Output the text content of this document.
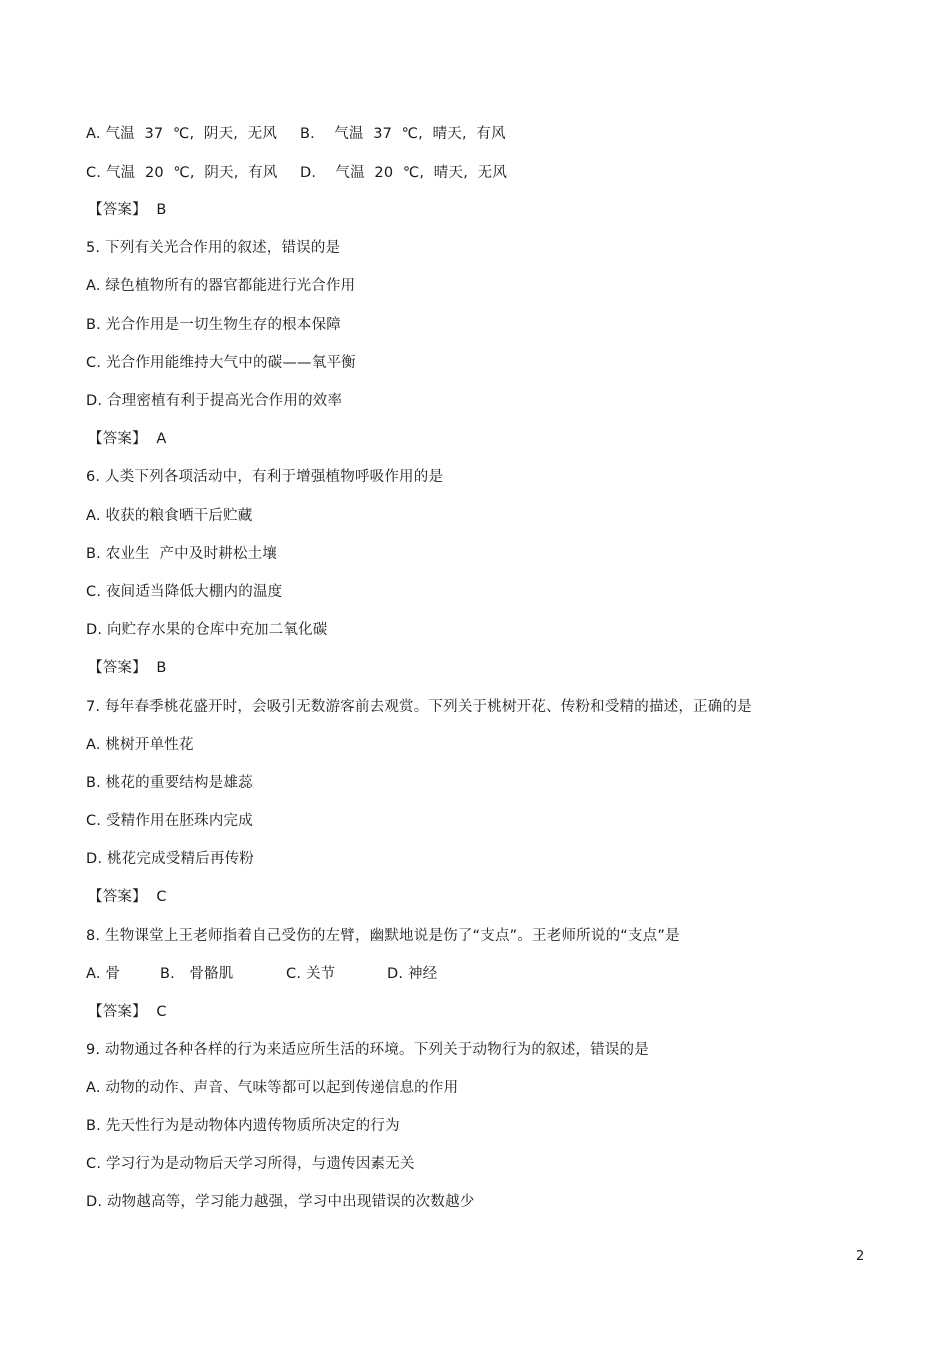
A. 气温  37  ℃,  阴天,  无风 B.    气温  37  ℃,  晴天,  有风
C. 气温  20  ℃,  阴天,  有风 D.    气温  20  ℃,  晴天,  无风
【答案】  B
5. 下列有关光合作用的叙述，错误的是
A. 绿色植物所有的器官都能进行光合作用
B. 光合作用是一切生物生存的根本保障
C. 光合作用能维持大气中的碳——氧平衡
D. 合理密植有利于提高光合作用的效率
【答案】  A
6. 人类下列各项活动中，有利于增强植物呼吸作用的是
A. 收获的粮食晒干后贮藏
B. 农业生  产中及时耕松土壤
C. 夜间适当降低大棚内的温度
D. 向贮存水果的仓库中充加二氧化碳
【答案】  B
7. 每年春季桃花盛开时，会吸引无数游客前去观赏。下列关于桃树开花、传粉和受精的描述，正确的是
A. 桃树开单性花
B. 桃花的重要结构是雄蕊
C. 受精作用在胚珠内完成
D. 桃花完成受精后再传粉
【答案】  C
8. 生物课堂上王老师指着自己受伤的左臂，幽默地说是伤了“支点”。王老师所说的“支点”是
A. 骨	B.   骨骼肌	C. 关节	D. 神经
【答案】  C
9. 动物通过各种各样的行为来适应所生活的环境。下列关于动物行为的叙述，错误的是
A. 动物的动作、声音、气味等都可以起到传递信息的作用
B. 先天性行为是动物体内遗传物质所决定的行为
C. 学习行为是动物后天学习所得，与遗传因素无关
D. 动物越高等，学习能力越强，学习中出现错误的次数越少
2
